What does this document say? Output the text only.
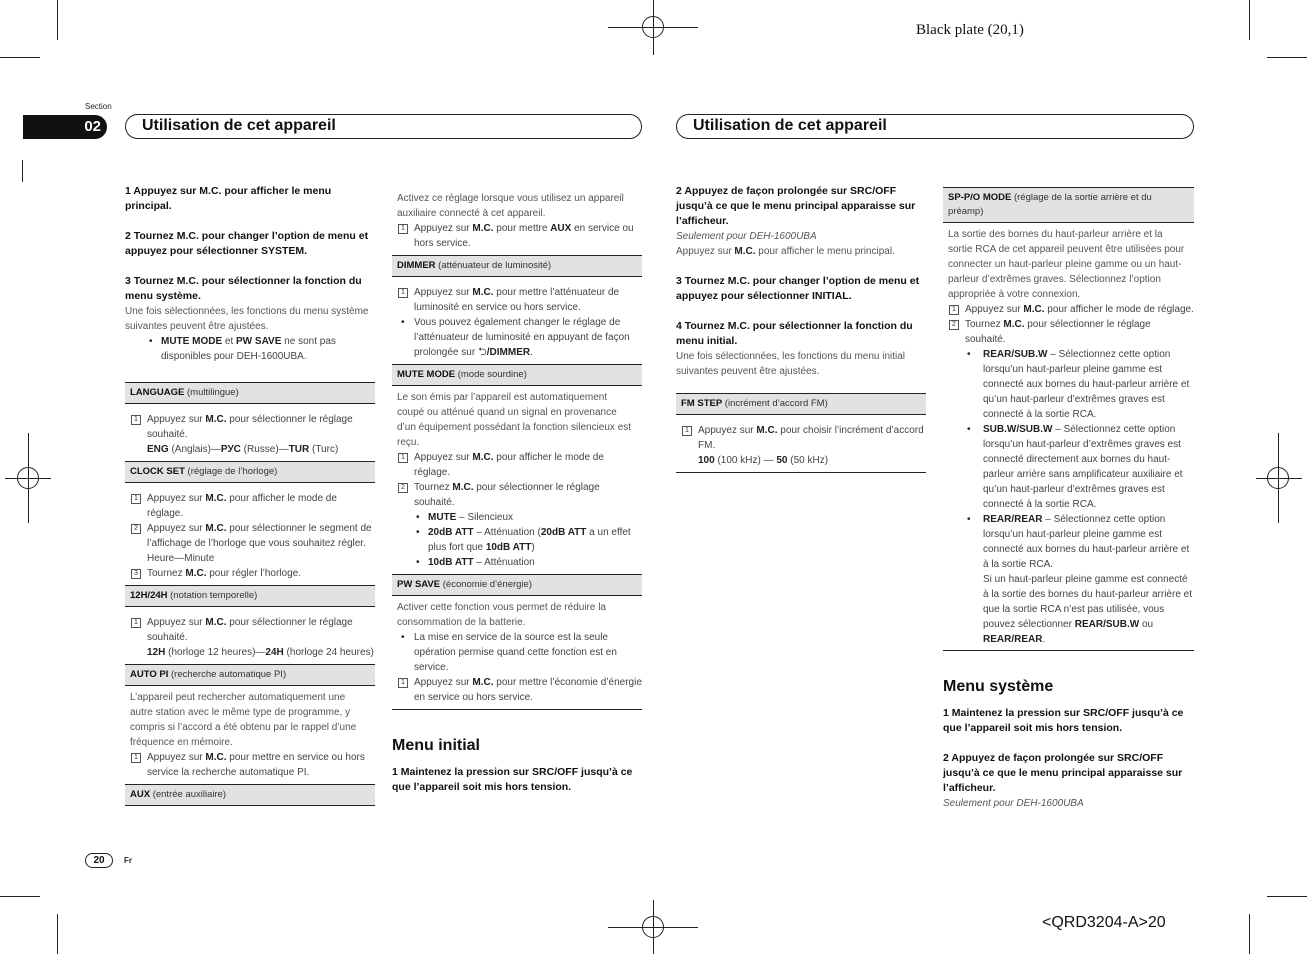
Black plate (20,1)
<QRD3204-A>20
Section
02	Utilisation de cet appareil	Utilisation de cet appareil
1 Appuyez sur M.C. pour afficher le menu principal.
2 Tournez M.C. pour changer l’option de menu et appuyez pour sélectionner SYSTEM.
3 Tournez M.C. pour sélectionner la fonction du menu système.
Une fois sélectionnées, les fonctions du menu système suivantes peuvent être ajustées.
• MUTE MODE et PW SAVE ne sont pas disponibles pour DEH-1600UBA.
LANGUAGE (multilingue)
1 Appuyez sur M.C. pour sélectionner le réglage souhaité.
ENG (Anglais)—РУС (Russe)—TUR (Turc)
CLOCK SET (réglage de l’horloge)
1 Appuyez sur M.C. pour afficher le mode de réglage.
2 Appuyez sur M.C. pour sélectionner le segment de l’affichage de l’horloge que vous souhaitez régler.
Heure—Minute
3 Tournez M.C. pour régler l’horloge.
12H/24H (notation temporelle)
1 Appuyez sur M.C. pour sélectionner le réglage souhaité.
12H (horloge 12 heures)—24H (horloge 24 heures)
AUTO PI (recherche automatique PI)
L’appareil peut rechercher automatiquement une autre station avec le même type de programme, y compris si l’accord a été obtenu par le rappel d’une fréquence en mémoire.
1 Appuyez sur M.C. pour mettre en service ou hors service la recherche automatique PI.
AUX (entrée auxiliaire)
Activez ce réglage lorsque vous utilisez un appareil auxiliaire connecté à cet appareil.
1 Appuyez sur M.C. pour mettre AUX en service ou hors service.
DIMMER (atténuateur de luminosité)
1 Appuyez sur M.C. pour mettre l’atténuateur de luminosité en service ou hors service.
• Vous pouvez également changer le réglage de l’atténuateur de luminosité en appuyant de façon prolongée sur ⮌/DIMMER.
MUTE MODE (mode sourdine)
Le son émis par l’appareil est automatiquement coupé ou atténué quand un signal en provenance d’un équipement possédant la fonction silencieux est reçu.
1 Appuyez sur M.C. pour afficher le mode de réglage.
2 Tournez M.C. pour sélectionner le réglage souhaité.
• MUTE – Silencieux
• 20dB ATT – Atténuation (20dB ATT a un effet plus fort que 10dB ATT)
• 10dB ATT – Atténuation
PW SAVE (économie d’énergie)
Activer cette fonction vous permet de réduire la consommation de la batterie.
• La mise en service de la source est la seule opération permise quand cette fonction est en service.
1 Appuyez sur M.C. pour mettre l’économie d’énergie en service ou hors service.
Menu initial
1 Maintenez la pression sur SRC/OFF jusqu’à ce que l’appareil soit mis hors tension.
2 Appuyez de façon prolongée sur SRC/OFF jusqu’à ce que le menu principal apparaisse sur l’afficheur.
Seulement pour DEH-1600UBA
Appuyez sur M.C. pour afficher le menu principal.
3 Tournez M.C. pour changer l’option de menu et appuyez pour sélectionner INITIAL.
4 Tournez M.C. pour sélectionner la fonction du menu initial.
Une fois sélectionnées, les fonctions du menu initial suivantes peuvent être ajustées.
FM STEP (incrément d’accord FM)
1 Appuyez sur M.C. pour choisir l’incrément d’accord FM.
100 (100 kHz) — 50 (50 kHz)
SP-P/O MODE (réglage de la sortie arrière et du préamp)
La sortie des bornes du haut-parleur arrière et la sortie RCA de cet appareil peuvent être utilisées pour connecter un haut-parleur pleine gamme ou un haut-parleur d’extrêmes graves. Sélectionnez l’option appropriée à votre connexion.
1 Appuyez sur M.C. pour afficher le mode de réglage.
2 Tournez M.C. pour sélectionner le réglage souhaité.
• REAR/SUB.W – Sélectionnez cette option lorsqu’un haut-parleur pleine gamme est connecté aux bornes du haut-parleur arrière et qu’un haut-parleur d’extrêmes graves est connecté à la sortie RCA.
• SUB.W/SUB.W – Sélectionnez cette option lorsqu’un haut-parleur d’extrêmes graves est connecté directement aux bornes du haut-parleur arrière sans amplificateur auxiliaire et qu’un haut-parleur d’extrêmes graves est connecté à la sortie RCA.
• REAR/REAR – Sélectionnez cette option lorsqu’un haut-parleur pleine gamme est connecté aux bornes du haut-parleur arrière et à la sortie RCA.
Si un haut-parleur pleine gamme est connecté à la sortie des bornes du haut-parleur arrière et que la sortie RCA n’est pas utilisée, vous pouvez sélectionner REAR/SUB.W ou REAR/REAR.
Menu système
1 Maintenez la pression sur SRC/OFF jusqu’à ce que l’appareil soit mis hors tension.
2 Appuyez de façon prolongée sur SRC/OFF jusqu’à ce que le menu principal apparaisse sur l’afficheur.
Seulement pour DEH-1600UBA
20	Fr
